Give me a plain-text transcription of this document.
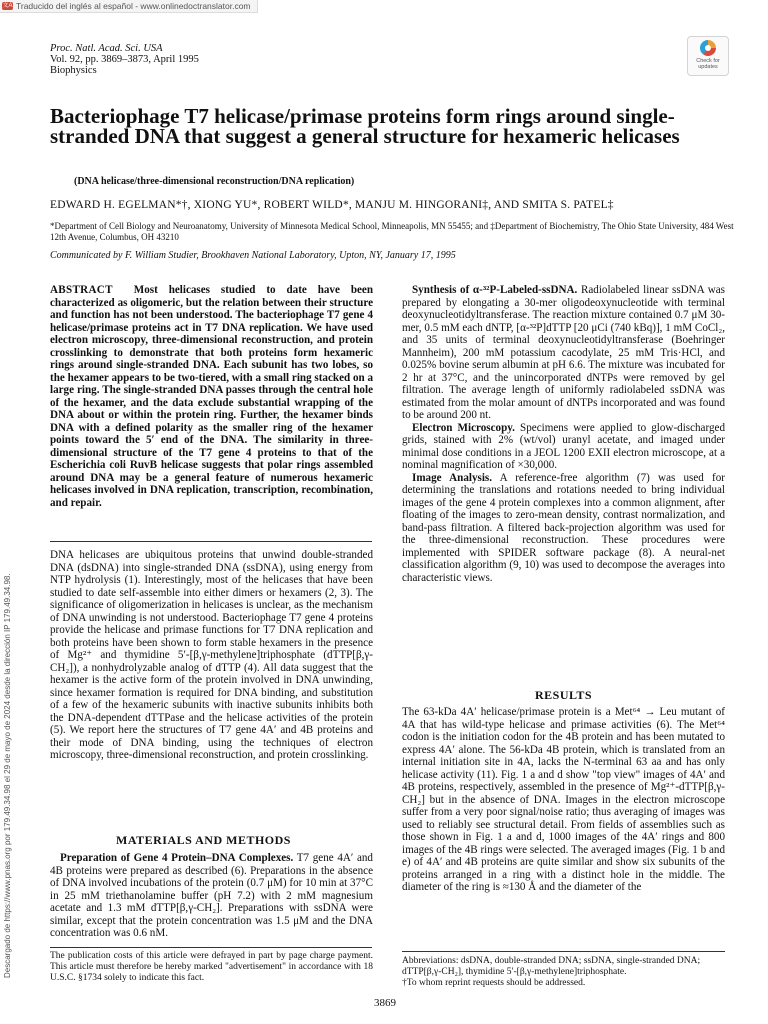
文A Traducido del inglés al español - www.onlinedoctranslator.com
Descargado de https://www.pnas.org por 179.49.34.98 el 29 de mayo de 2024 desde la dirección IP 179.49.34.98.
Proc. Natl. Acad. Sci. USA
Vol. 92, pp. 3869–3873, April 1995
Biophysics
Check for
updates
Bacteriophage T7 helicase/primase proteins form rings around single-stranded DNA that suggest a general structure for hexameric helicases
(DNA helicase/three-dimensional reconstruction/DNA replication)
EDWARD H. EGELMAN*†, XIONG YU*, ROBERT WILD*, MANJU M. HINGORANI‡, AND SMITA S. PATEL‡
*Department of Cell Biology and Neuroanatomy, University of Minnesota Medical School, Minneapolis, MN 55455; and ‡Department of Biochemistry, The Ohio State University, 484 West 12th Avenue, Columbus, OH 43210
Communicated by F. William Studier, Brookhaven National Laboratory, Upton, NY, January 17, 1995

ABSTRACT Most helicases studied to date have been characterized as oligomeric, but the relation between their structure and function has not been understood. The bacteriophage T7 gene 4 helicase/primase proteins act in T7 DNA replication. We have used electron microscopy, three-dimensional reconstruction, and protein crosslinking to demonstrate that both proteins form hexameric rings around single-stranded DNA. Each subunit has two lobes, so the hexamer appears to be two-tiered, with a small ring stacked on a large ring. The single-stranded DNA passes through the central hole of the hexamer, and the data exclude substantial wrapping of the DNA about or within the protein ring. Further, the hexamer binds DNA with a defined polarity as the smaller ring of the hexamer points toward the 5′ end of the DNA. The similarity in three-dimensional structure of the T7 gene 4 proteins to that of the Escherichia coli RuvB helicase suggests that polar rings assembled around DNA may be a general feature of numerous hexameric helicases involved in DNA replication, transcription, recombination, and repair.

DNA helicases are ubiquitous proteins that unwind double-stranded DNA (dsDNA) into single-stranded DNA (ssDNA), using energy from NTP hydrolysis (1). Interestingly, most of the helicases that have been studied to date self-assemble into either dimers or hexamers (2, 3). The significance of oligomerization in helicases is unclear, as the mechanism of DNA unwinding is not understood. Bacteriophage T7 gene 4 proteins provide the helicase and primase functions for T7 DNA replication and both proteins have been shown to form stable hexamers in the presence of Mg²⁺ and thymidine 5′-[β,γ-methylene]triphosphate (dTTP[β,γ-CH₂]), a nonhydrolyzable analog of dTTP (4). All data suggest that the hexamer is the active form of the protein involved in DNA unwinding, since hexamer formation is required for DNA binding, and substitution of a few of the hexameric subunits with inactive subunits inhibits both the DNA-dependent dTTPase and the helicase activities of the protein (5). We report here the structures of T7 gene 4A′ and 4B proteins and their mode of DNA binding, using the techniques of electron microscopy, three-dimensional reconstruction, and protein crosslinking.

MATERIALS AND METHODS

Preparation of Gene 4 Protein–DNA Complexes. T7 gene 4A′ and 4B proteins were prepared as described (6). Preparations in the absence of DNA involved incubations of the protein (0.7 μM) for 10 min at 37°C in 25 mM triethanolamine buffer (pH 7.2) with 2 mM magnesium acetate and 1.3 mM dTTP[β,γ-CH₂]. Preparations with ssDNA were similar, except that the protein concentration was 1.5 μM and the DNA concentration was 0.6 nM.

The publication costs of this article were defrayed in part by page charge payment. This article must therefore be hereby marked "advertisement" in accordance with 18 U.S.C. §1734 solely to indicate this fact.

Synthesis of α-³²P-Labeled-ssDNA. Radiolabeled linear ssDNA was prepared by elongating a 30-mer oligodeoxynucleotide with terminal deoxynucleotidyltransferase. The reaction mixture contained 0.7 μM 30-mer, 0.5 mM each dNTP, [α-³²P]dTTP [20 μCi (740 kBq)], 1 mM CoCl₂, and 35 units of terminal deoxynucleotidyltransferase (Boehringer Mannheim), 200 mM potassium cacodylate, 25 mM Tris·HCl, and 0.025% bovine serum albumin at pH 6.6. The mixture was incubated for 2 hr at 37°C, and the unincorporated dNTPs were removed by gel filtration. The average length of uniformly radiolabeled ssDNA was estimated from the molar amount of dNTPs incorporated and was found to be around 200 nt.

Electron Microscopy. Specimens were applied to glow-discharged grids, stained with 2% (wt/vol) uranyl acetate, and imaged under minimal dose conditions in a JEOL 1200 EXII electron microscope, at a nominal magnification of ×30,000.

Image Analysis. A reference-free algorithm (7) was used for determining the translations and rotations needed to bring individual images of the gene 4 protein complexes into a common alignment, after floating of the images to zero-mean density, contrast normalization, and band-pass filtration. A filtered back-projection algorithm was used for the three-dimensional reconstruction. These procedures were implemented with SPIDER software package (8). A neural-net classification algorithm (9, 10) was used to decompose the averages into characteristic views.

RESULTS

The 63-kDa 4A′ helicase/primase protein is a Met⁶⁴ → Leu mutant of 4A that has wild-type helicase and primase activities (6). The Met⁶⁴ codon is the initiation codon for the 4B protein and has been mutated to express 4A′ alone. The 56-kDa 4B protein, which is translated from an internal initiation site in 4A, lacks the N-terminal 63 aa and has only helicase activity (11). Fig. 1 a and d show "top view" images of 4A′ and 4B proteins, respectively, assembled in the presence of Mg²⁺-dTTP[β,γ-CH₂] but in the absence of DNA. Images in the electron microscope suffer from a very poor signal/noise ratio; thus averaging of images was used to reliably see structural detail. From fields of assemblies such as those shown in Fig. 1 a and d, 1000 images of the 4A′ rings and 800 images of the 4B rings were selected. The averaged images (Fig. 1 b and e) of 4A′ and 4B proteins are quite similar and show six subunits of the proteins arranged in a ring with a distinct hole in the middle. The diameter of the ring is ≈130 Å and the diameter of the

Abbreviations: dsDNA, double-stranded DNA; ssDNA, single-stranded DNA; dTTP[β,γ-CH₂], thymidine 5′-[β,γ-methylene]triphosphate.
†To whom reprint requests should be addressed.
3869
